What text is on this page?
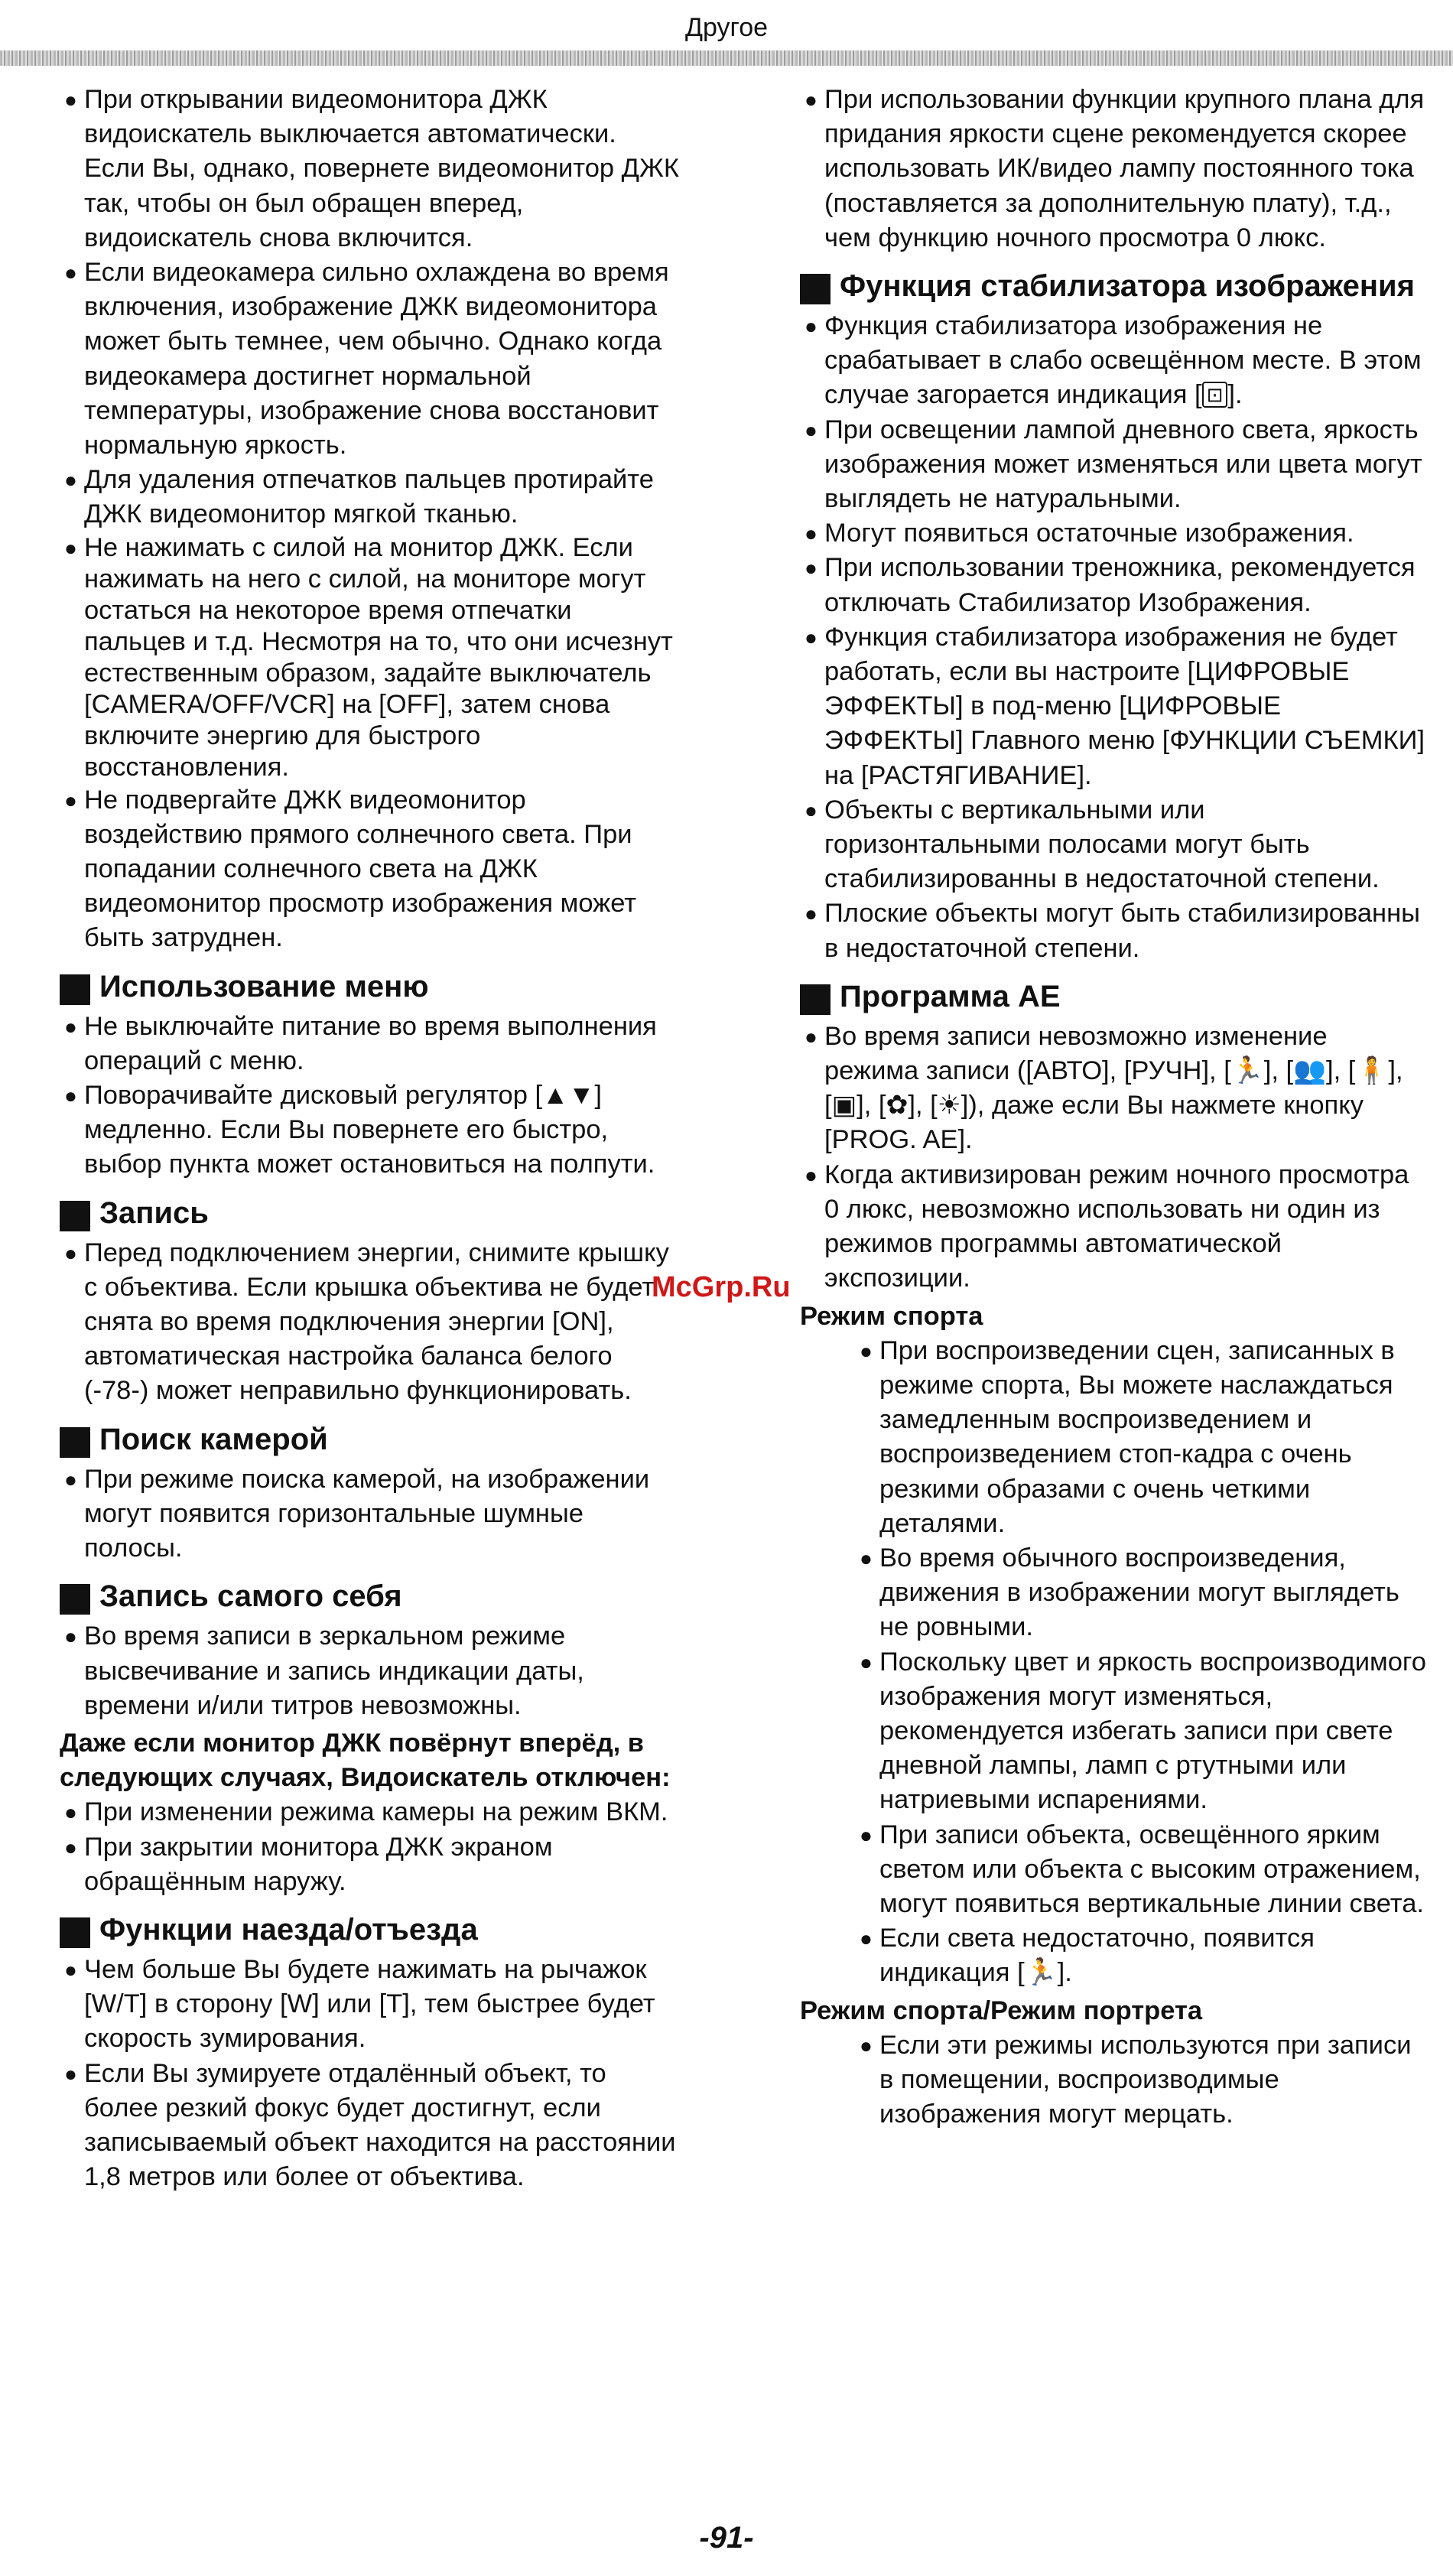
Другое
● При открывании видеомонитора ДЖК видоискатель выключается автоматически. Если Вы, однако, повернете видеомонитор ДЖК так, чтобы он был обращен вперед, видоискатель снова включится.
● Если видеокамера сильно охлаждена во время включения, изображение ДЖК видеомонитора может быть темнее, чем обычно. Однако когда видеокамера достигнет нормальной температуры, изображение снова восстановит нормальную яркость.
● Для удаления отпечатков пальцев протирайте ДЖК видеомонитор мягкой тканью.
● Не нажимать с силой на монитор ДЖК. Если нажимать на него с силой, на мониторе могут остаться на некоторое время отпечатки пальцев и т.д. Несмотря на то, что они исчезнут естественным образом, задайте выключатель [CAMERA/OFF/VCR] на [OFF], затем снова включите энергию для быстрого восстановления.
● Не подвергайте ДЖК видеомонитор воздействию прямого солнечного света. При попадании солнечного света на ДЖК видеомонитор просмотр изображения может быть затруднен.
Использование меню
● Не выключайте питание во время выполнения операций с меню.
● Поворачивайте дисковый регулятор [▲▼] медленно. Если Вы повернете его быстро, выбор пункта может остановиться на полпути.
Запись
● Перед подключением энергии, снимите крышку с объектива. Если крышка объектива не будет снята во время подключения энергии [ON], автоматическая настройка баланса белого (-78-) может неправильно функционировать.
Поиск камерой
● При режиме поиска камерой, на изображении могут появится горизонтальные шумные полосы.
Запись самого себя
● Во время записи в зеркальном режиме высвечивание и запись индикации даты, времени и/или титров невозможны.
Даже если монитор ДЖК повёрнут вперёд, в следующих случаях, Видоискатель отключен:
● При изменении режима камеры на режим ВКМ.
● При закрытии монитора ДЖК экраном обращённым наружу.
Функции наезда/отъезда
● Чем больше Вы будете нажимать на рычажок [W/T] в сторону [W] или [T], тем быстрее будет скорость зумирования.
● Если Вы зумируете отдалённый объект, то более резкий фокус будет достигнут, если записываемый объект находится на расстоянии 1,8 метров или более от объектива.
● При использовании функции крупного плана для придания яркости сцене рекомендуется скорее использовать ИК/видео лампу постоянного тока (поставляется за дополнительную плату), т.д., чем функцию ночного просмотра 0 люкс.
Функция стабилизатора изображения
● Функция стабилизатора изображения не срабатывает в слабо освещённом месте. В этом случае загорается индикация [ ⊡ ].
● При освещении лампой дневного света, яркость изображения может изменяться или цвета могут выглядеть не натуральными.
● Могут появиться остаточные изображения.
● При использовании треножника, рекомендуется отключать Стабилизатор Изображения.
● Функция стабилизатора изображения не будет работать, если вы настроите [ЦИФРОВЫЕ ЭФФЕКТЫ] в под-меню [ЦИФРОВЫЕ ЭФФЕКТЫ] Главного меню [ФУНКЦИИ СЪЕМКИ] на [РАСТЯГИВАНИЕ].
● Объекты с вертикальными или горизонтальными полосами могут быть стабилизированны в недостаточной степени.
● Плоские объекты могут быть стабилизированны в недостаточной степени.
Программа AE
● Во время записи невозможно изменение режима записи ([АВТО], [РУЧН], [🏃], [👥], [🧍], [▣], [✿], [☀]), даже если Вы нажмете кнопку [PROG. AE].
● Когда активизирован режим ночного просмотра 0 люкс, невозможно использовать ни один из режимов программы автоматической экспозиции.
Режим спорта
● При воспроизведении сцен, записанных в режиме спорта, Вы можете наслаждаться замедленным воспроизведением и воспроизведением стоп-кадра с очень резкими образами с очень четкими деталями.
● Во время обычного воспроизведения, движения в изображении могут выглядеть не ровными.
● Поскольку цвет и яркость воспроизводимого изображения могут изменяться, рекомендуется избегать записи при свете дневной лампы, ламп с ртутными или натриевыми испарениями.
● При записи объекта, освещённого ярким светом или объекта с высоким отражением, могут появиться вертикальные линии света.
● Если света недостаточно, появится индикация [🏃].
Режим спорта/Режим портрета
● Если эти режимы используются при записи в помещении, воспроизводимые изображения могут мерцать.
McGrp.Ru
-91-
